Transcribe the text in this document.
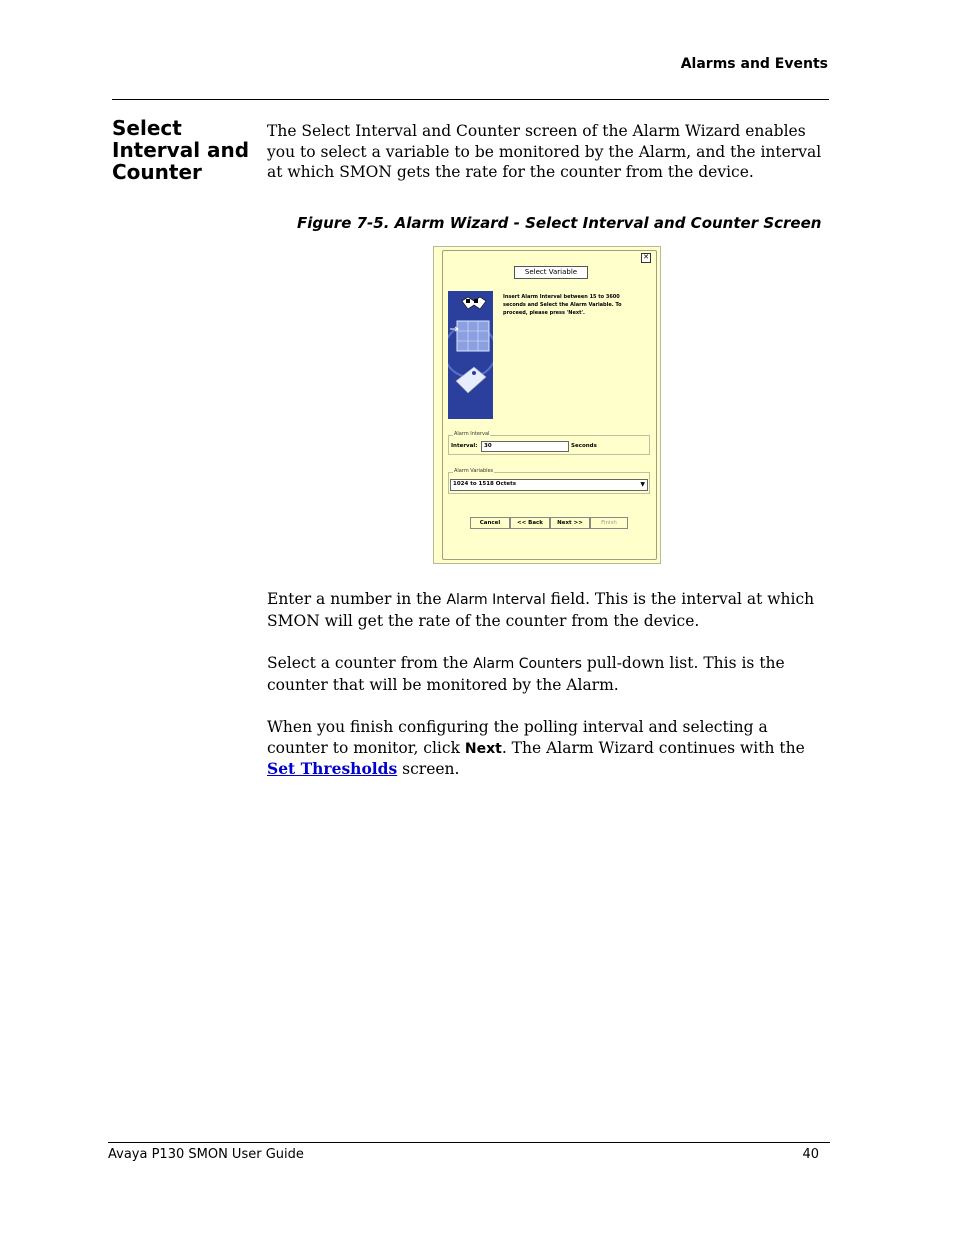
Alarms and Events
Select Interval and Counter
The Select Interval and Counter screen of the Alarm Wizard enables you to select a variable to be monitored by the Alarm, and the interval at which SMON gets the rate for the counter from the device.
Figure 7-5. Alarm Wizard - Select Interval and Counter Screen
✕
Select Variable
Insert Alarm Interval between 15 to 3600 seconds and Select the Alarm Variable. To proceed, please press 'Next'.
Alarm Interval
Interval:	30	Seconds
Alarm Variables
1024 to 1518 Octets	▼
Cancel	<< Back	Next >>	Finish
Enter a number in the Alarm Interval field. This is the interval at which SMON will get the rate of the counter from the device.
Select a counter from the Alarm Counters pull-down list. This is the counter that will be monitored by the Alarm.
When you finish configuring the polling interval and selecting a counter to monitor, click Next. The Alarm Wizard continues with the Set Thresholds screen.
Avaya P130 SMON User Guide	40
